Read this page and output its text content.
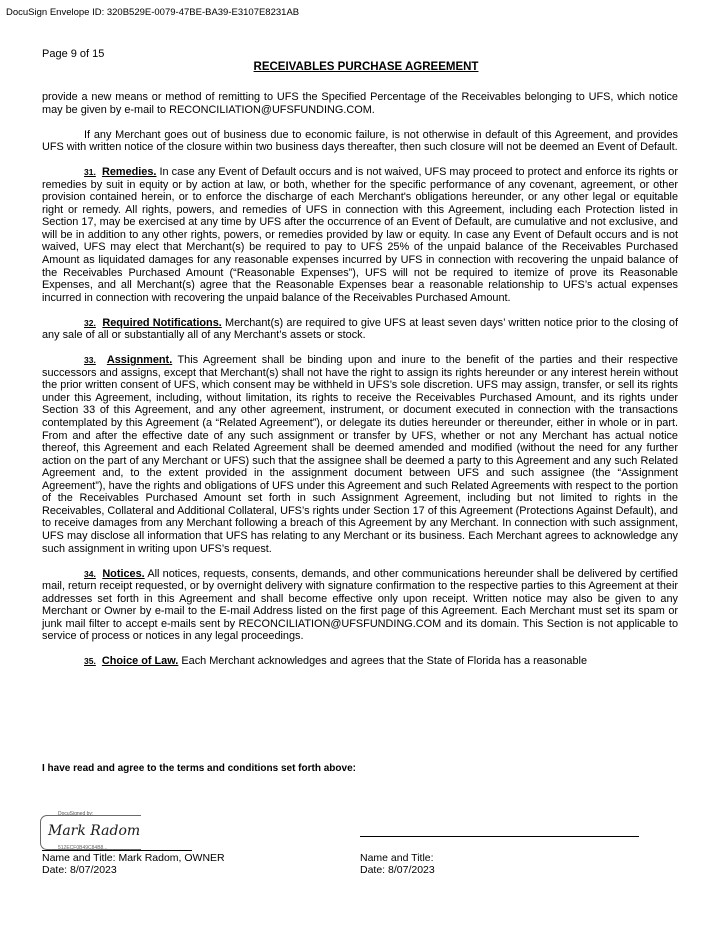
DocuSign Envelope ID: 320B529E-0079-47BE-BA39-E3107E8231AB
Page 9 of 15
RECEIVABLES PURCHASE AGREEMENT

provide a new means or method of remitting to UFS the Specified Percentage of the Receivables belonging to UFS, which notice may be given by e-mail to RECONCILIATION@UFSFUNDING.COM.

If any Merchant goes out of business due to economic failure, is not otherwise in default of this Agreement, and provides UFS with written notice of the closure within two business days thereafter, then such closure will not be deemed an Event of Default.

31. Remedies. In case any Event of Default occurs and is not waived, UFS may proceed to protect and enforce its rights or remedies by suit in equity or by action at law, or both, whether for the specific performance of any covenant, agreement, or other provision contained herein, or to enforce the discharge of each Merchant's obligations hereunder, or any other legal or equitable right or remedy. All rights, powers, and remedies of UFS in connection with this Agreement, including each Protection listed in Section 17, may be exercised at any time by UFS after the occurrence of an Event of Default, are cumulative and not exclusive, and will be in addition to any other rights, powers, or remedies provided by law or equity. In case any Event of Default occurs and is not waived, UFS may elect that Merchant(s) be required to pay to UFS 25% of the unpaid balance of the Receivables Purchased Amount as liquidated damages for any reasonable expenses incurred by UFS in connection with recovering the unpaid balance of the Receivables Purchased Amount (“Reasonable Expenses”), UFS will not be required to itemize of prove its Reasonable Expenses, and all Merchant(s) agree that the Reasonable Expenses bear a reasonable relationship to UFS’s actual expenses incurred in connection with recovering the unpaid balance of the Receivables Purchased Amount.

32. Required Notifications. Merchant(s) are required to give UFS at least seven days’ written notice prior to the closing of any sale of all or substantially all of any Merchant’s assets or stock.

33. Assignment. This Agreement shall be binding upon and inure to the benefit of the parties and their respective successors and assigns, except that Merchant(s) shall not have the right to assign its rights hereunder or any interest herein without the prior written consent of UFS, which consent may be withheld in UFS’s sole discretion. UFS may assign, transfer, or sell its rights under this Agreement, including, without limitation, its rights to receive the Receivables Purchased Amount, and its rights under Section 33 of this Agreement, and any other agreement, instrument, or document executed in connection with the transactions contemplated by this Agreement (a “Related Agreement”), or delegate its duties hereunder or thereunder, either in whole or in part. From and after the effective date of any such assignment or transfer by UFS, whether or not any Merchant has actual notice thereof, this Agreement and each Related Agreement shall be deemed amended and modified (without the need for any further action on the part of any Merchant or UFS) such that the assignee shall be deemed a party to this Agreement and any such Related Agreement and, to the extent provided in the assignment document between UFS and such assignee (the “Assignment Agreement”), have the rights and obligations of UFS under this Agreement and such Related Agreements with respect to the portion of the Receivables Purchased Amount set forth in such Assignment Agreement, including but not limited to rights in the Receivables, Collateral and Additional Collateral, UFS’s rights under Section 17 of this Agreement (Protections Against Default), and to receive damages from any Merchant following a breach of this Agreement by any Merchant. In connection with such assignment, UFS may disclose all information that UFS has relating to any Merchant or its business. Each Merchant agrees to acknowledge any such assignment in writing upon UFS’s request.

34. Notices. All notices, requests, consents, demands, and other communications hereunder shall be delivered by certified mail, return receipt requested, or by overnight delivery with signature confirmation to the respective parties to this Agreement at their addresses set forth in this Agreement and shall become effective only upon receipt. Written notice may also be given to any Merchant or Owner by e-mail to the E-mail Address listed on the first page of this Agreement. Each Merchant must set its spam or junk mail filter to accept e-mails sent by RECONCILIATION@UFSFUNDING.COM and its domain. This Section is not applicable to service of process or notices in any legal proceedings.

35. Choice of Law. Each Merchant acknowledges and agrees that the State of Florida has a reasonable

I have read and agree to the terms and conditions set forth above:
DocuSigned by:
Mark Radom
512ECF0B49C84B8...
Name and Title: Mark Radom, OWNER
Date: 8/07/2023
Name and Title:
Date: 8/07/2023
